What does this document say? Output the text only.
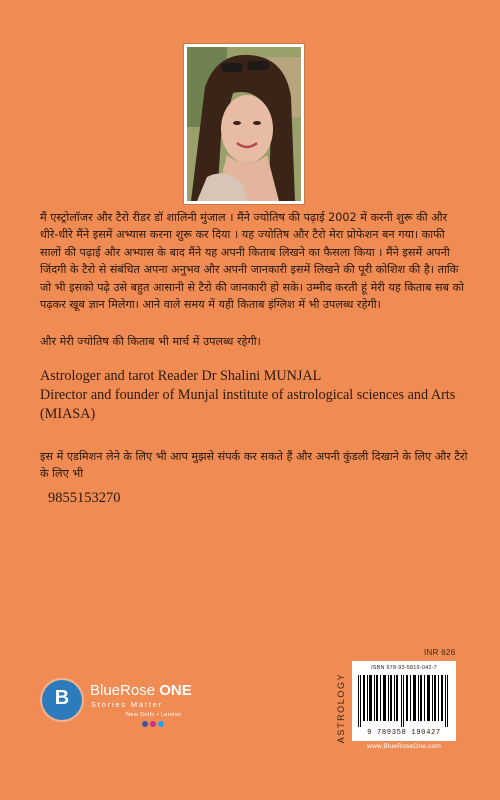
मैं एस्ट्रोलॉजर और टैरो रीडर डॉ शालिनी मुंजाल । मैंने ज्योतिष की पढ़ाई 2002 में करनी शुरू की और धीरे-धीरे मैंने इसमें अभ्यास करना शुरू कर दिया । यह ज्योतिष और टैरो मेरा प्रोफेशन बन गया। काफी सालों की पढ़ाई और अभ्यास के बाद मैंने यह अपनी किताब लिखने का फैसला किया । मैंने इसमें अपनी जिंदगी के टैरो से संबंधित अपना अनुभव और अपनी जानकारी इसमें लिखने की पूरी कोशिश की है। ताकि जो भी इसको पढ़े उसे बहुत आसानी से टैरो की जानकारी हो सके। उम्मीद करती हूं मेरी यह किताब सब को पढ़कर खूब ज्ञान मिलेगा। आने वाले समय में यही किताब इंग्लिश में भी उपलब्ध रहेगी।

और मेरी ज्योतिष की किताब भी मार्च में उपलब्ध रहेगी।

Astrologer and tarot Reader Dr Shalini MUNJAL

Director and founder of Munjal institute of astrological sciences and Arts (MIASA)

इस में एडमिशन लेने के लिए भी आप मुझसे संपर्क कर सकते हैं और अपनी कुंडली दिखाने के लिए और टैरो के लिए भी

9855153270
INR 626
ASTROLOGY
ISBN 978-93-5819-042-7
9 789358 190427
www.BlueRoseOne.com
B	BlueRose ONE
Stories Matter
New Delhi • London
